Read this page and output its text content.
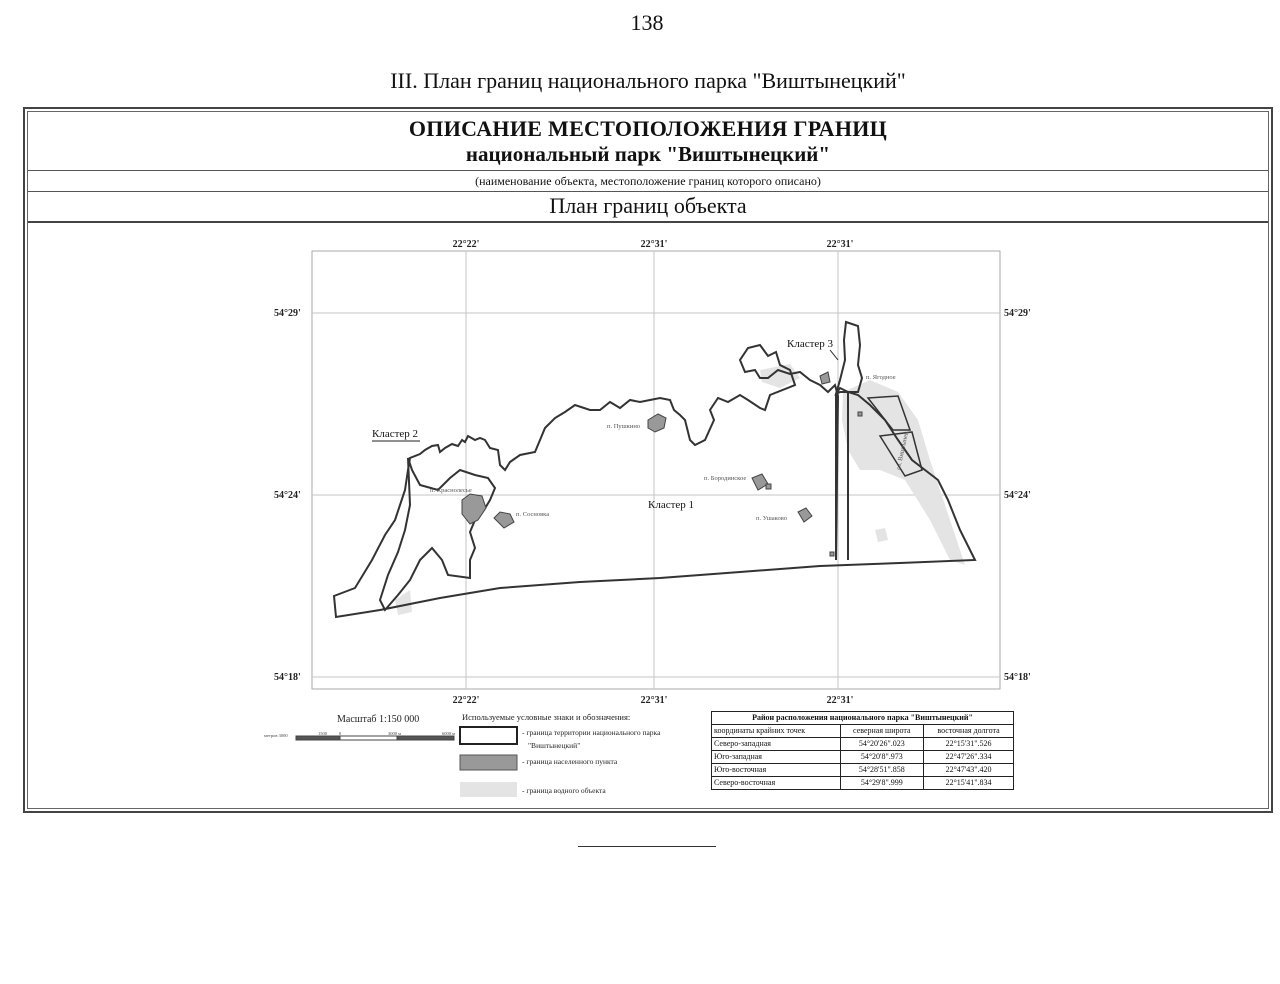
138
III. План границ национального парка "Виштынецкий"
ОПИСАНИЕ МЕСТОПОЛОЖЕНИЯ ГРАНИЦ
национальный парк "Виштынецкий"
(наименование объекта, местоположение границ которого описано)
План границ объекта
22°22'	22°31'	22°31'
22°22'	22°31'	22°31'
54°29'
54°24'
54°18'
54°29'
54°24'
54°18'
Кластер 1
Кластер 2
Кластер 3
п. Пушкино
п. Краснолесье
п. Сосновка
п. Бородинское
п. Ушаково
п. Ягодное
оз. Виштынец
Масштаб 1:150 000
метров 3000	1500	0	3000 м	6000 м
Используемые условные знаки и обозначения:
- граница территории национального парка "Виштынецкий"
- граница населенного пункта
- граница водного объекта
Район расположения национального парка "Виштынецкий"		
координаты крайних точек	северная широта	восточная долгота
Северо-западная	54°20'26".023	22°15'31".526
Юго-западная	54°20'8".973	22°47'26".334
Юго-восточная	54°28'51".858	22°47'43".420
Северо-восточная	54°29'8".999	22°15'41".834
